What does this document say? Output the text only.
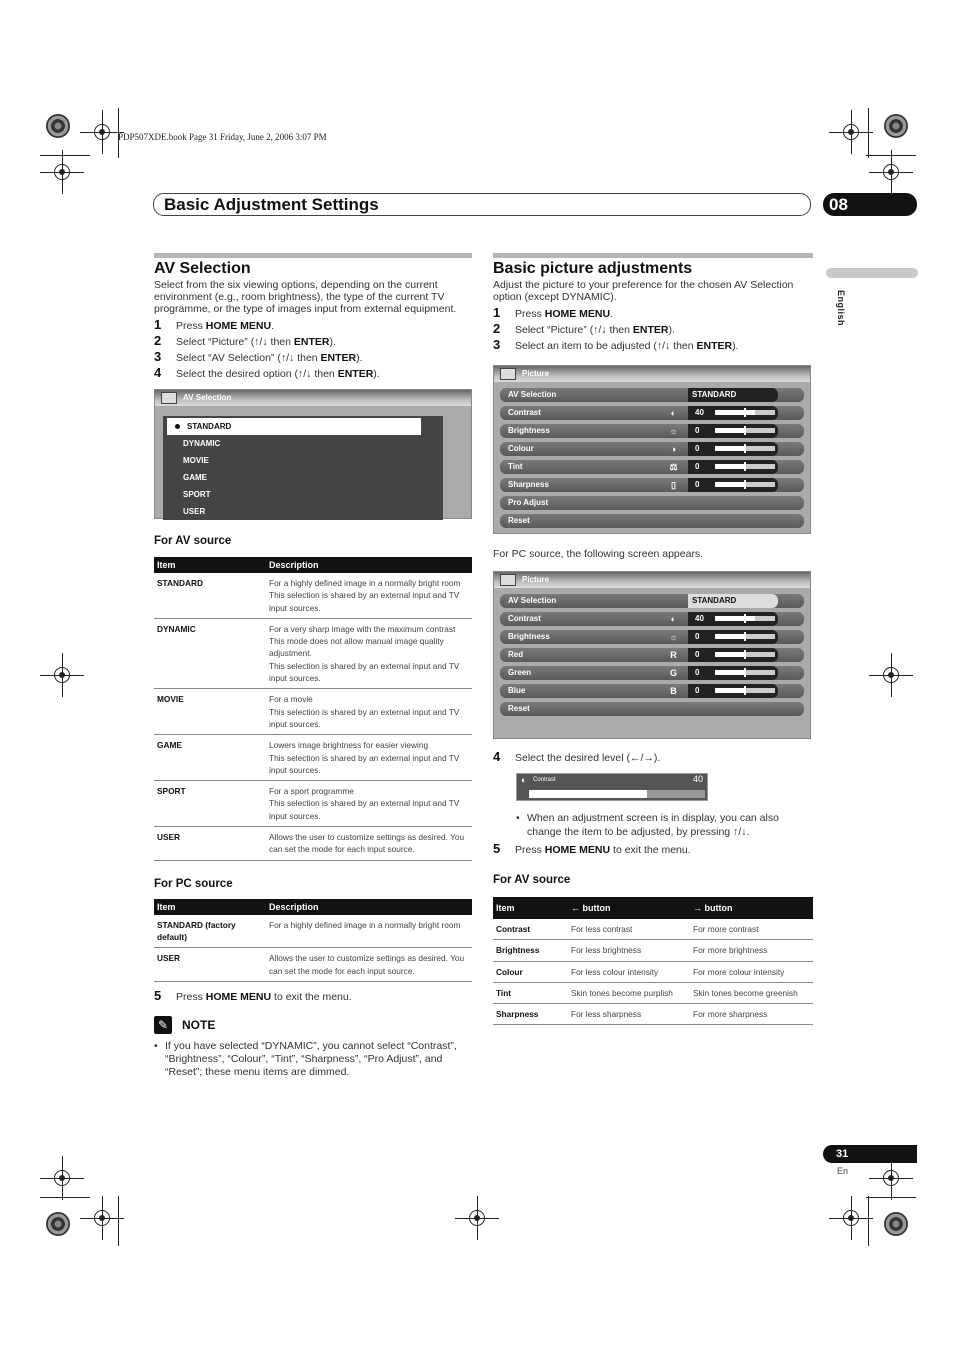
PDP507XDE.book Page 31 Friday, June 2, 2006 3:07 PM
Basic Adjustment Settings	08
English
AV Selection
Select from the six viewing options, depending on the current environment (e.g., room brightness), the type of the current TV programme, or the type of images input from external equipment.
1 Press HOME MENU.
2 Select “Picture” (↑/↓ then ENTER).
3 Select “AV Selection” (↑/↓ then ENTER).
4 Select the desired option (↑/↓ then ENTER).
AV Selection
STANDARD
DYNAMIC
MOVIE
GAME
SPORT
USER
For AV source
Item	Description
STANDARD	For a highly defined image in a normally bright room
This selection is shared by an external input and TV input sources.

DYNAMIC	For a very sharp image with the maximum contrast
This mode does not allow manual image quality adjustment.
This selection is shared by an external input and TV input sources.

MOVIE	For a movie
This selection is shared by an external input and TV input sources.

GAME	Lowers image brightness for easier viewing
This selection is shared by an external input and TV input sources.

SPORT	For a sport programme
This selection is shared by an external input and TV input sources.

USER	Allows the user to customize settings as desired. You can set the mode for each input source.
For PC source
Item	Description
STANDARD (factory default)	For a highly defined image in a normally bright room

USER	Allows the user to customize settings as desired. You can set the mode for each input source.
5 Press HOME MENU to exit the menu.
✎	NOTE
• If you have selected “DYNAMIC”, you cannot select “Contrast”, “Brightness”, “Colour”, “Tint”, “Sharpness”, “Pro Adjust”, and “Reset”; these menu items are dimmed.
Basic picture adjustments
Adjust the picture to your preference for the chosen AV Selection option (except DYNAMIC).
1 Press HOME MENU.
2 Select “Picture” (↑/↓ then ENTER).
3 Select an item to be adjusted (↑/↓ then ENTER).
Picture
AV Selection	STANDARD
Contrast	◐	40
Brightness	☼ 0
Colour	◑	0
Tint	⚖ 0
Sharpness	▯	0
Pro Adjust
Reset
For PC source, the following screen appears.
Picture
AV Selection	STANDARD
Contrast	◐	40
Brightness	☼ 0
Red	R 0
Green	G 0
Blue	B 0
Reset
4 Select the desired level (←/→).
◐ Contrast	40
• When an adjustment screen is in display, you can also change the item to be adjusted, by pressing ↑/↓.
5 Press HOME MENU to exit the menu.
For AV source
Item	← button	→ button
Contrast	For less contrast	For more contrast
Brightness	For less brightness	For more brightness
Colour	For less colour intensity	For more colour intensity
Tint	Skin tones become purplish	Skin tones become greenish
Sharpness	For less sharpness	For more sharpness
31
En
